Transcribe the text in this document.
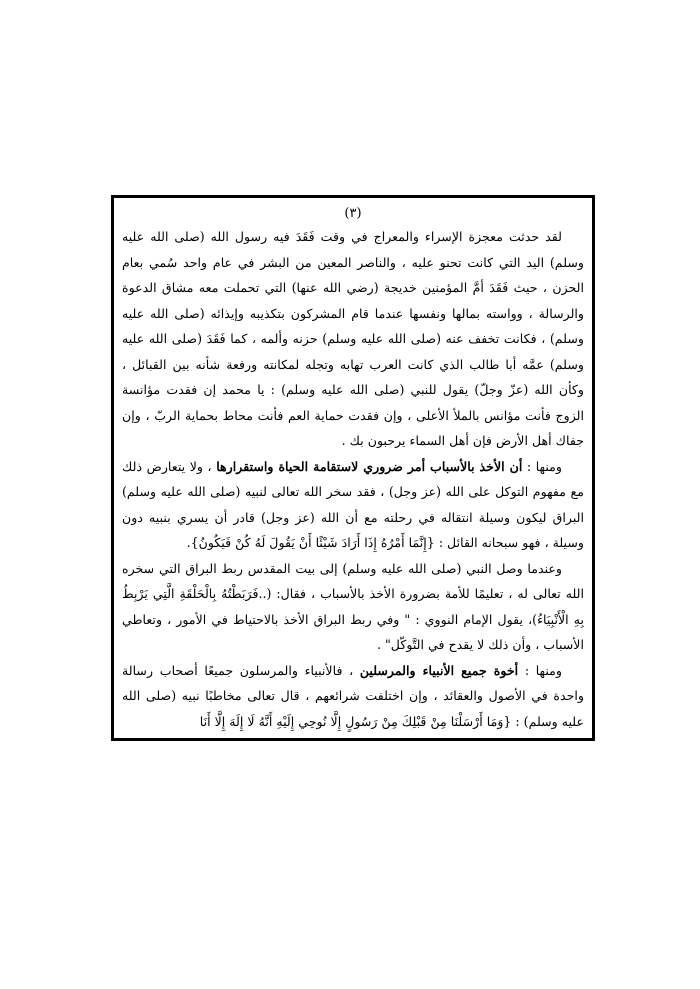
(٣)

لقد حدثت معجزة الإسراء والمعراج في وقت فَقَدَ فيه رسول الله (صلى الله عليه وسلم) اليد التي كانت تحنو عليه ، والناصر المعين من البشر في عام واحد سُمي بعام الحزن ، حيث فَقَدَ أمَّ المؤمنين خديجة (رضي الله عنها) التي تحملت معه مشاق الدعوة والرسالة ، وواسته بمالها ونفسها عندما قام المشركون بتكذيبه وإيذائه (صلى الله عليه وسلم) ، فكانت تخفف عنه (صلى الله عليه وسلم) حزنه وألمه ، كما فَقَدَ (صلى الله عليه وسلم) عمَّه أبا طالب الذي كانت العرب تهابه وتجله لمكانته ورفعة شأنه بين القبائل ، وكأن الله (عزّ وجلّ) يقول للنبي (صلى الله عليه وسلم) : يا محمد إن فقدت مؤانسة الزوج فأنت مؤانس بالملأ الأعلى ، وإن فقدت حماية العم فأنت محاط بحماية الربّ ، وإن جفاك أهل الأرض فإن أهل السماء يرحبون بك .

ومنها : أن الأخذ بالأسباب أمر ضروري لاستقامة الحياة واستقرارها ، ولا يتعارض ذلك مع مفهوم التوكل على الله (عز وجل) ، فقد سخر الله تعالى لنبيه (صلى الله عليه وسلم) البراق ليكون وسيلة انتقاله في رحلته مع أن الله (عز وجل) قادر أن يسري بنبيه دون وسيلة ، فهو سبحانه القائل : {إِنَّمَا أَمْرُهُ إِذَا أَرَادَ شَيْئًا أَنْ يَقُولَ لَهُ كُنْ فَيَكُونُ}.

وعندما وصل النبي (صلى الله عليه وسلم) إلى بيت المقدس ربط البراق التي سخره الله تعالى له ، تعليمًا للأمة بضرورة الأخذ بالأسباب ، فقال: (..فَرَبَطْتُهُ بِالْحَلْقَةِ الَّتِي يَرْبِطُ بِهِ الْأَنْبِيَاءُ)، يقول الإمام النووي : " وفي ربط البراق الأخذ بالاحتياط في الأمور ، وتعاطي الأسباب ، وأن ذلك لا يقدح في التَّوكّل" .

ومنها : أخوة جميع الأنبياء والمرسلين ، فالأنبياء والمرسلون جميعًا أصحاب رسالة واحدة في الأصول والعقائد ، وإن اختلفت شرائعهم ، قال تعالى مخاطبًا نبيه (صلى الله عليه وسلم) : {وَمَا أَرْسَلْنَا مِنْ قَبْلِكَ مِنْ رَسُولٍ إِلَّا نُوحِي إِلَيْهِ أَنَّهُ لَا إِلَهَ إِلَّا أَنَا
